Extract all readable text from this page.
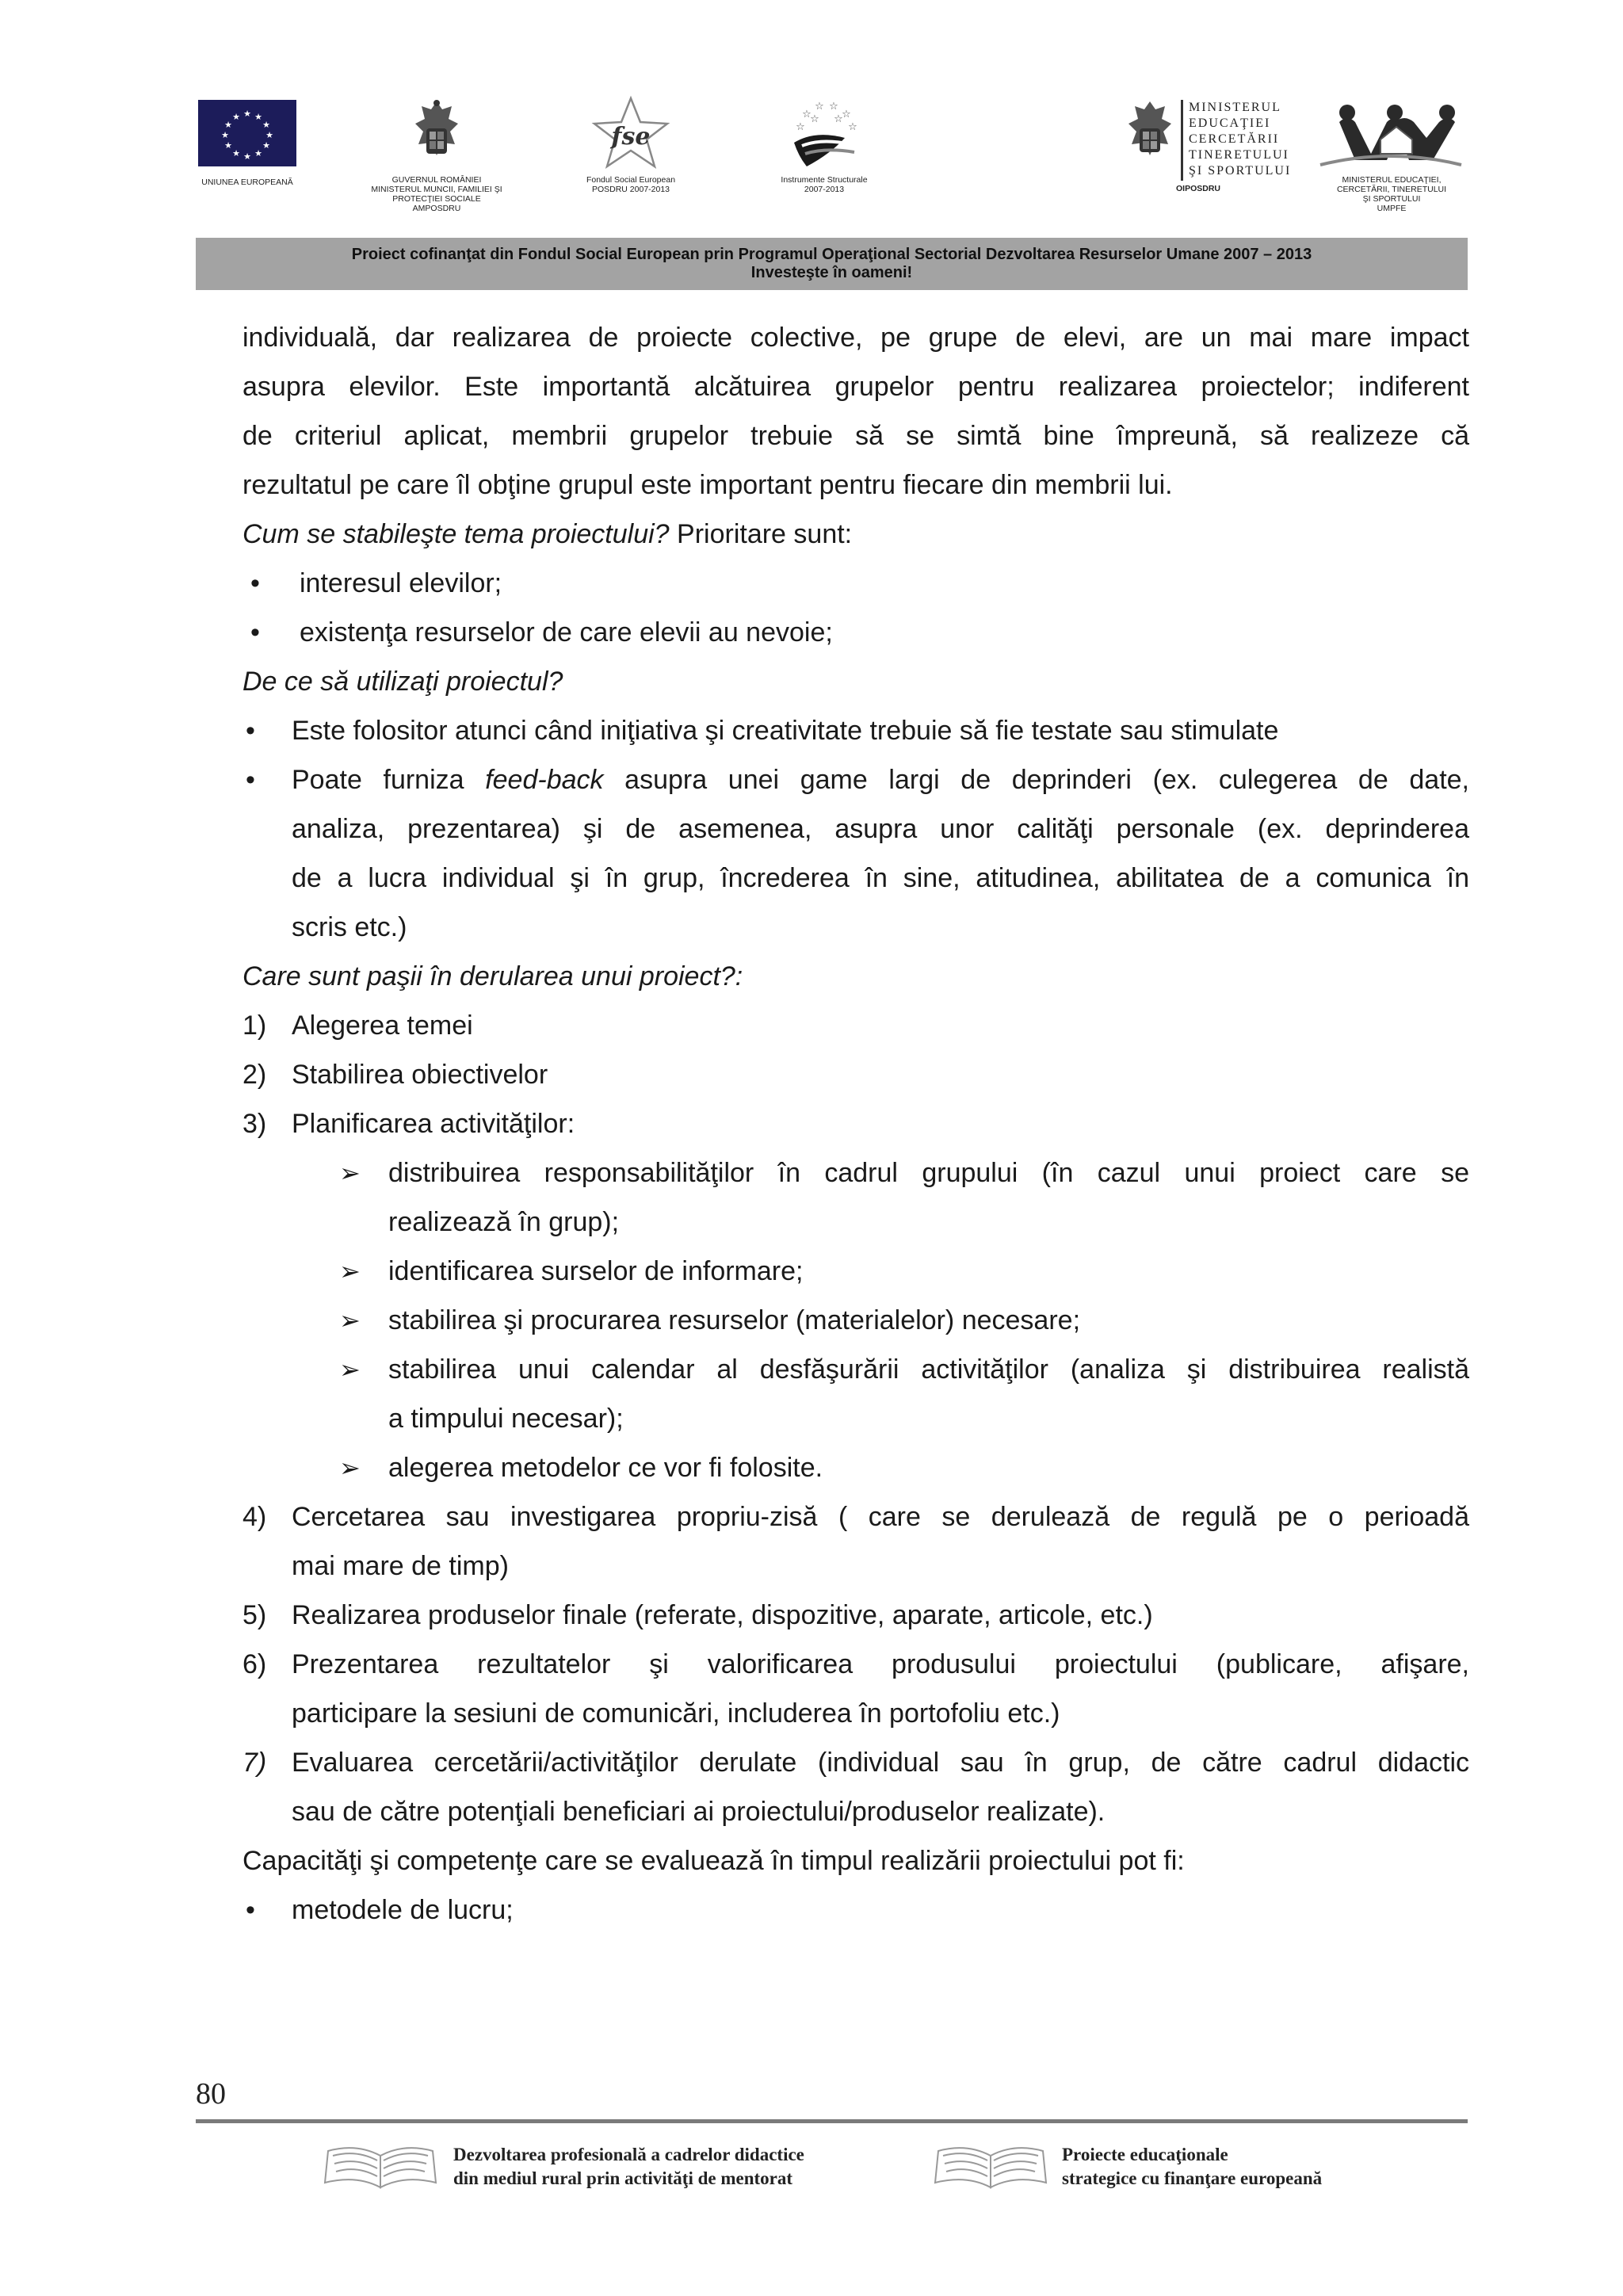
★ ★
★
★
★
★
★
★
★
★
★
★
UNIUNEA EUROPEANĂ	GUVERNUL ROMÂNIEI
MINISTERUL MUNCII, FAMILIEI ŞI
PROTECŢIEI SOCIALE
AMPOSDRU
fse
Fondul Social European
POSDRU 2007-2013
☆
☆
☆ ☆
☆
☆
☆ ☆
Instrumente Structurale
2007-2013
MINISTERUL
EDUCAŢIEI
CERCETĂRII
TINERETULUI
ŞI SPORTULUI
OIPOSDRU
MINISTERUL EDUCAŢIEI,
CERCETĂRII, TINERETULUI
ŞI SPORTULUI
UMPFE
Proiect cofinanţat din Fondul Social European prin Programul Operaţional Sectorial Dezvoltarea Resurselor Umane 2007 – 2013
Investeşte în oameni!
individuală, dar realizarea de proiecte colective, pe grupe de elevi, are un mai mare impact
asupra elevilor. Este importantă alcătuirea grupelor pentru realizarea proiectelor; indiferent
de criteriul aplicat, membrii grupelor trebuie să se simtă bine împreună, să realizeze că
rezultatul pe care îl obţine grupul este important pentru fiecare din membrii lui.
Cum se stabileşte tema proiectului? Prioritare sunt:
• interesul elevilor;
• existenţa resurselor de care elevii au nevoie;
De ce să utilizaţi proiectul?
• Este folositor atunci când iniţiativa şi creativitate trebuie să fie testate sau stimulate
• Poate furniza feed-back asupra unei game largi de deprinderi (ex. culegerea de date,
analiza, prezentarea) şi de asemenea, asupra unor calităţi personale (ex. deprinderea
de a lucra individual şi în grup, încrederea în sine, atitudinea, abilitatea de a comunica în
scris etc.)
Care sunt paşii în derularea unui proiect?:
1) Alegerea temei
2) Stabilirea obiectivelor
3) Planificarea activităţilor:
➢ distribuirea responsabilităţilor în cadrul grupului (în cazul unui proiect care se
realizează în grup);
➢ identificarea surselor de informare;
➢ stabilirea şi procurarea resurselor (materialelor) necesare;
➢ stabilirea unui calendar al desfăşurării activităţilor (analiza şi distribuirea realistă
a timpului necesar);
➢ alegerea metodelor ce vor fi folosite.
4) Cercetarea sau investigarea propriu-zisă ( care se derulează de regulă pe o perioadă
mai mare de timp)
5) Realizarea produselor finale (referate, dispozitive, aparate, articole, etc.)
6) Prezentarea rezultatelor şi valorificarea produsului proiectului (publicare, afişare,
participare la sesiuni de comunicări, includerea în portofoliu etc.)
7) Evaluarea cercetării/activităţilor derulate (individual sau în grup, de către cadrul didactic
sau de către potenţiali beneficiari ai proiectului/produselor realizate).
Capacităţi şi competenţe care se evaluează în timpul realizării proiectului pot fi:
• metodele de lucru;
80
Dezvoltarea profesională a cadrelor didactice
din mediul rural prin activităţi de mentorat
Proiecte educaţionale
strategice cu finanţare europeană
